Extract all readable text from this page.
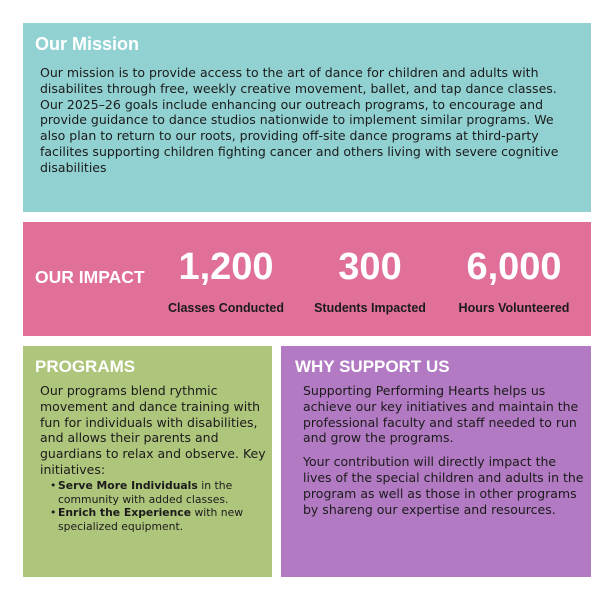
Our Mission

Our mission is to provide access to the art of dance for children and adults with disabilites through free, weekly creative movement, ballet, and tap dance classes. Our 2025–26 goals include enhancing our outreach programs, to encourage and provide guidance to dance studios nationwide to implement similar programs. We also plan to return to our roots, providing off-site dance programs at third-party facilites supporting children fighting cancer and others living with severe cognitive disabilities

OUR IMPACT 1,200
Classes Conducted
300
Students Impacted
6,000
Hours Volunteered
PROGRAMS
Our programs blend rythmic movement and dance training with fun for individuals with disabilities, and allows their parents and guardians to relax and observe. Key initiatives:
• Serve More Individuals in the community with added classes.
• Enrich the Experience with new specialized equipment.
WHY SUPPORT US

Supporting Performing Hearts helps us achieve our key initiatives and maintain the professional faculty and staff needed to run and grow the programs.

Your contribution will directly impact the lives of the special children and adults in the program as well as those in other programs by shareng our expertise and resources.
